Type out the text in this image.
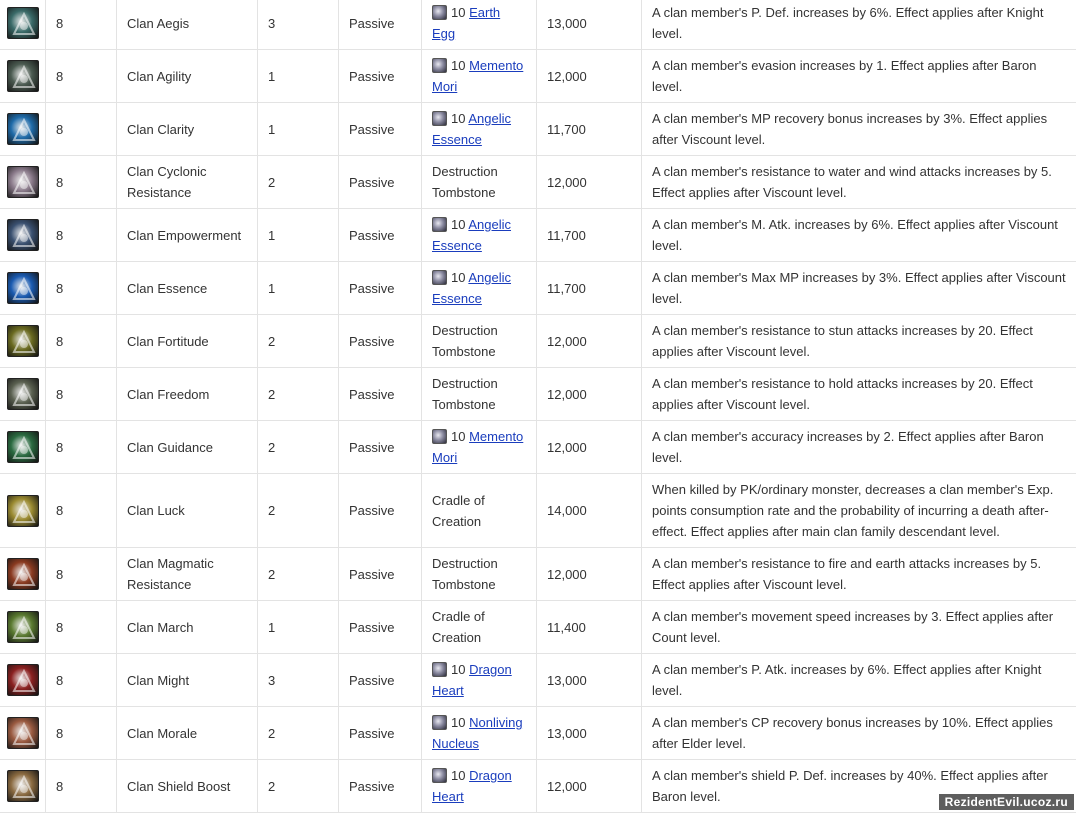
	8	Clan Aegis	3	Passive	10 Earth Egg	13,000	A clan member's P. Def. increases by 6%. Effect applies after Knight level.

	8	Clan Agility	1	Passive	10 Memento Mori	12,000	A clan member's evasion increases by 1. Effect applies after Baron level.

	8	Clan Clarity	1	Passive	10 Angelic Essence	11,700	A clan member's MP recovery bonus increases by 3%. Effect applies after Viscount level.

	8	Clan Cyclonic Resistance	2	Passive	Destruction Tombstone	12,000	A clan member's resistance to water and wind attacks increases by 5. Effect applies after Viscount level.

	8	Clan Empowerment	1	Passive	10 Angelic Essence	11,700	A clan member's M. Atk. increases by 6%. Effect applies after Viscount level.

	8	Clan Essence	1	Passive	10 Angelic Essence	11,700	A clan member's Max MP increases by 3%. Effect applies after Viscount level.

	8	Clan Fortitude	2	Passive	Destruction Tombstone	12,000	A clan member's resistance to stun attacks increases by 20. Effect applies after Viscount level.

	8	Clan Freedom	2	Passive	Destruction Tombstone	12,000	A clan member's resistance to hold attacks increases by 20. Effect applies after Viscount level.

	8	Clan Guidance	2	Passive	10 Memento Mori	12,000	A clan member's accuracy increases by 2. Effect applies after Baron level.

	8	Clan Luck	2	Passive	Cradle of Creation	14,000	When killed by PK/ordinary monster, decreases a clan member's Exp. points consumption rate and the probability of incurring a death after-effect. Effect applies after main clan family descendant level.

	8	Clan Magmatic Resistance	2	Passive	Destruction Tombstone	12,000	A clan member's resistance to fire and earth attacks increases by 5. Effect applies after Viscount level.

	8	Clan March	1	Passive	Cradle of Creation	11,400	A clan member's movement speed increases by 3. Effect applies after Count level.

	8	Clan Might	3	Passive	10 Dragon Heart	13,000	A clan member's P. Atk. increases by 6%. Effect applies after Knight level.

	8	Clan Morale	2	Passive	10 Nonliving Nucleus	13,000	A clan member's CP recovery bonus increases by 10%. Effect applies after Elder level.

	8	Clan Shield Boost	2	Passive	10 Dragon Heart	12,000	A clan member's shield P. Def. increases by 40%. Effect applies after Baron level.	RezidentEvil.ucoz.ru
